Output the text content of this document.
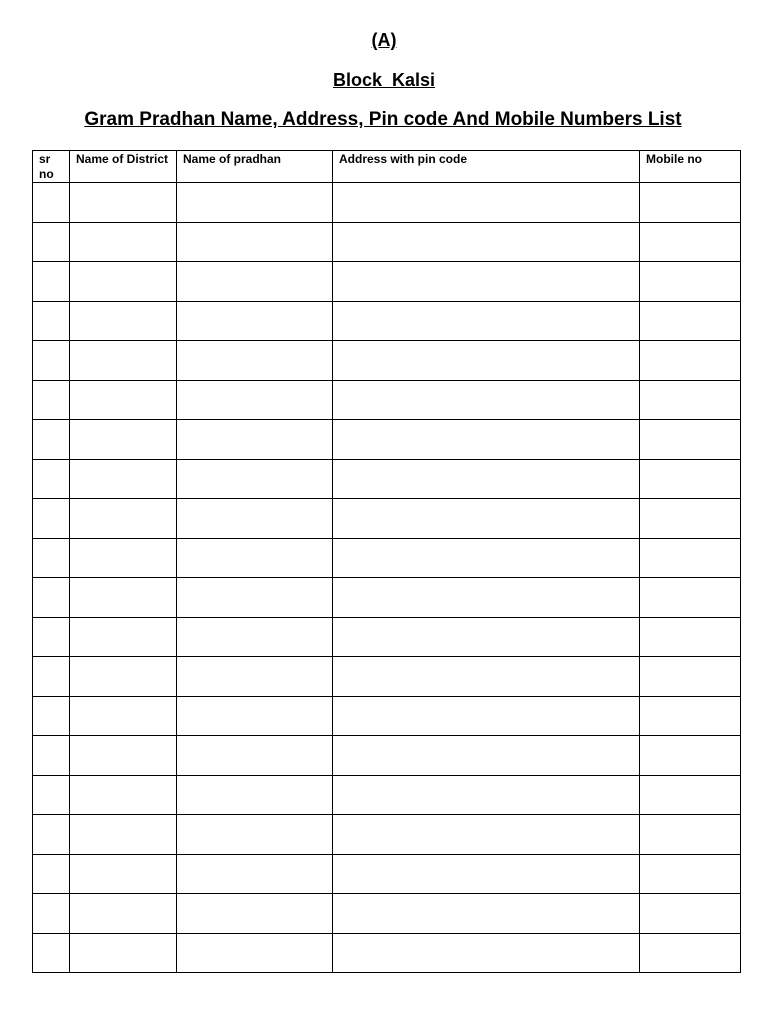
(A)
Block  Kalsi
Gram Pradhan Name, Address, Pin code And Mobile Numbers List
sr no	Name of District	Name of pradhan	Address with pin code	Mobile no
